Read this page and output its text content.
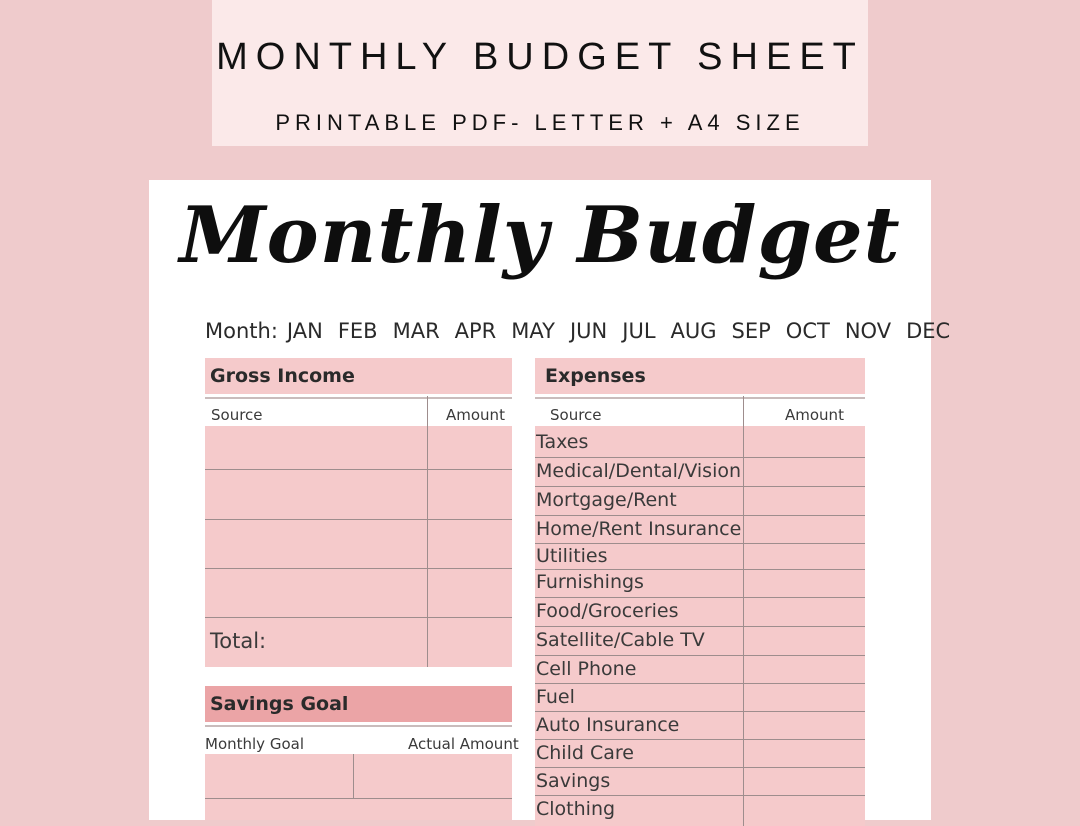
MONTHLY BUDGET SHEET
PRINTABLE PDF- LETTER + A4 SIZE
Monthly Budget
Month: JAN FEB MAR APR MAY JUN JUL AUG SEP OCT NOV DEC
Gross Income
Source	Amount
Total:
Savings Goal
Monthly Goal	Actual Amount
Expenses
Source	Amount
Taxes
Medical/Dental/Vision
Mortgage/Rent
Home/Rent Insurance
Utilities
Furnishings
Food/Groceries
Satellite/Cable TV
Cell Phone
Fuel
Auto Insurance
Child Care
Savings
Clothing
